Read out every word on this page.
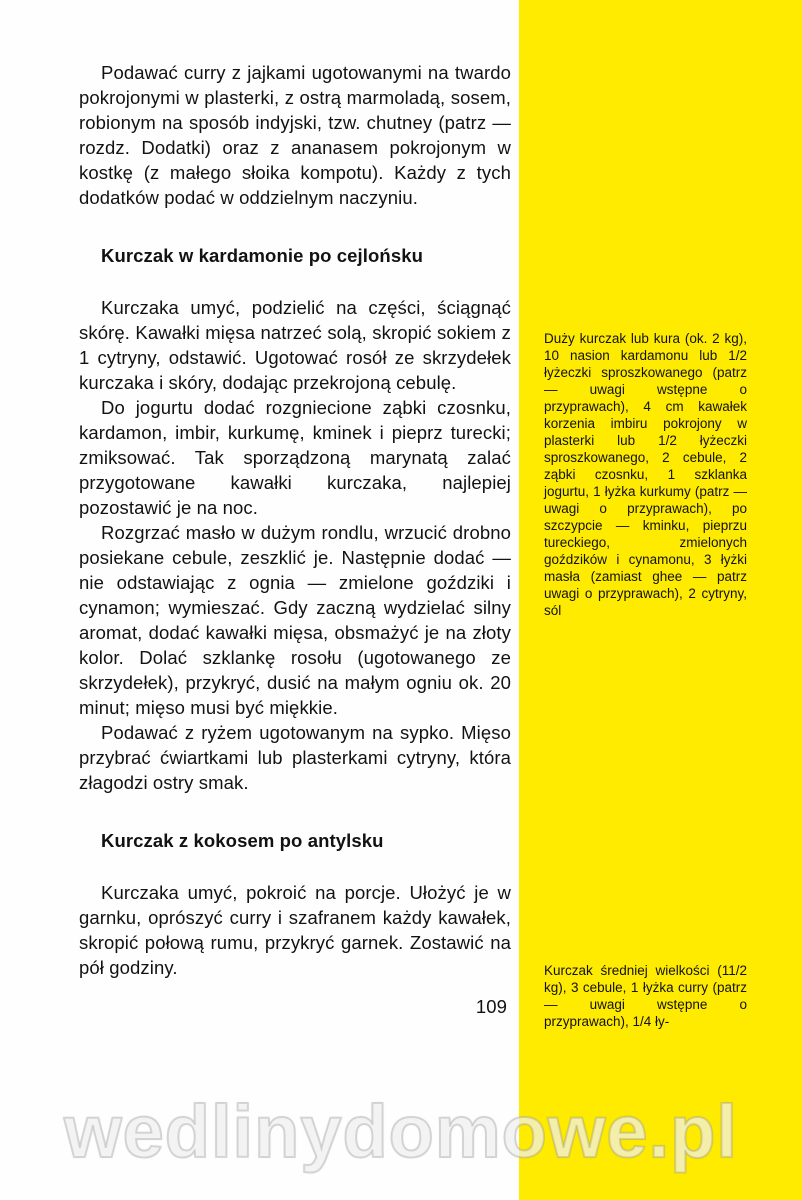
Podawać curry z jajkami ugotowanymi na twardo pokrojonymi w plasterki, z ostrą marmoladą, sosem, robionym na sposób indyjski, tzw. chutney (patrz — rozdz. Dodatki) oraz z ananasem pokrojonym w kostkę (z małego słoika kompotu). Każdy z tych dodatków podać w oddzielnym naczyniu.

Kurczak w kardamonie po cejlońsku

Kurczaka umyć, podzielić na części, ściągnąć skórę. Kawałki mięsa natrzeć solą, skropić sokiem z 1 cytryny, odstawić. Ugotować rosół ze skrzydełek kurczaka i skóry, dodając przekrojoną cebulę.

Do jogurtu dodać rozgniecione ząbki czosnku, kardamon, imbir, kurkumę, kminek i pieprz turecki; zmiksować. Tak sporządzoną marynatą zalać przygotowane kawałki kurczaka, najlepiej pozostawić je na noc.

Rozgrzać masło w dużym rondlu, wrzucić drobno posiekane cebule, zeszklić je. Następnie dodać — nie odstawiając z ognia — zmielone goździki i cynamon; wymieszać. Gdy zaczną wydzielać silny aromat, dodać kawałki mięsa, obsmażyć je na złoty kolor. Dolać szklankę rosołu (ugotowanego ze skrzydełek), przykryć, dusić na małym ogniu ok. 20 minut; mięso musi być miękkie.

Podawać z ryżem ugotowanym na sypko. Mięso przybrać ćwiartkami lub plasterkami cytryny, która złagodzi ostry smak.

Kurczak z kokosem po antylsku

Kurczaka umyć, pokroić na porcje. Ułożyć je w garnku, oprószyć curry i szafranem każdy kawałek, skropić połową rumu, przykryć garnek. Zostawić na pół godziny.

109
Duży kurczak lub kura (ok. 2 kg), 10 nasion kardamonu lub 1/2 łyżeczki sproszkowanego (patrz — uwagi wstępne o przyprawach), 4 cm kawałek korzenia imbiru pokrojony w plasterki lub 1/2 łyżeczki sproszkowanego, 2 cebule, 2 ząbki czosnku, 1 szklanka jogurtu, 1 łyżka kurkumy (patrz — uwagi o przyprawach), po szczypcie — kminku, pieprzu tureckiego, zmielonych goździków i cynamonu, 3 łyżki masła (zamiast ghee — patrz uwagi o przyprawach), 2 cytryny, sól
Kurczak średniej wielkości (11/2 kg), 3 cebule, 1 łyżka curry (patrz — uwagi wstępne o przyprawach), 1/4 ły-
wedlinydomowe.pl
